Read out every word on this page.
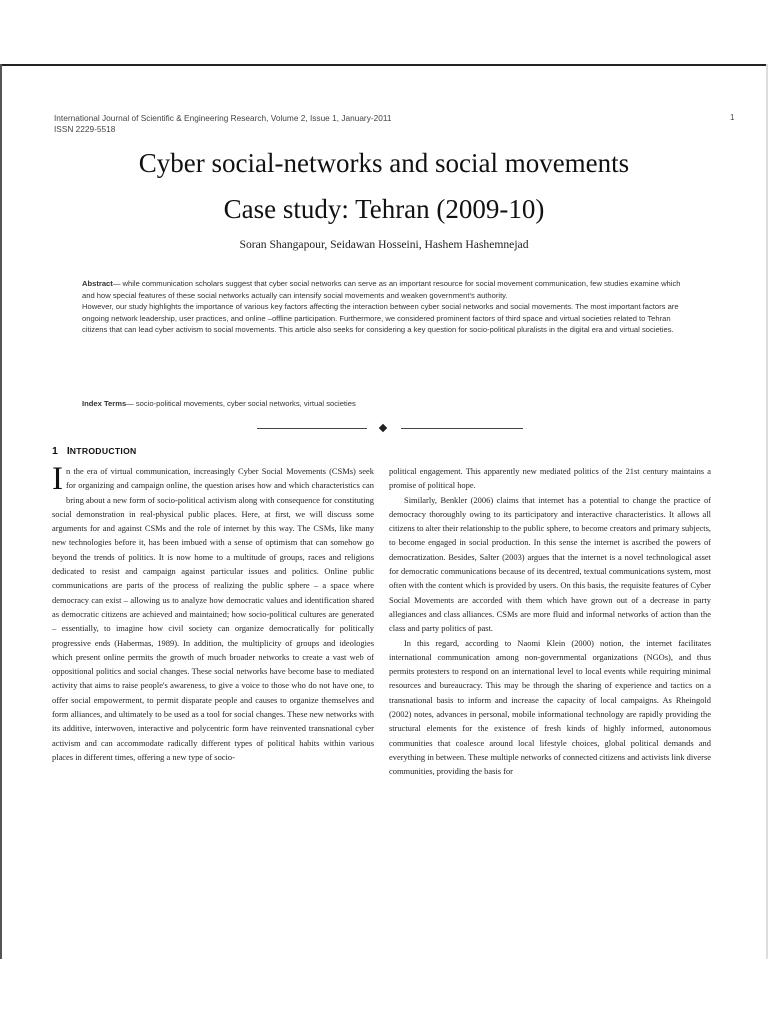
International Journal of Scientific & Engineering Research, Volume 2, Issue 1, January-2011
ISSN 2229-5518
1
Cyber social-networks and social movements
Case study: Tehran (2009-10)
Soran Shangapour, Seidawan Hosseini, Hashem Hashemnejad

Abstract— while communication scholars suggest that cyber social networks can serve as an important resource for social movement communication, few studies examine which and how special features of these social networks actually can intensify social movements and weaken government's authority.

However, our study highlights the importance of various key factors affecting the interaction between cyber social networks and social movements. The most important factors are ongoing network leadership, user practices, and online –offline participation. Furthermore, we considered prominent factors of third space and virtual societies related to Tehran citizens that can lead cyber activism to social movements. This article also seeks for considering a key question for socio-political pluralists in the digital era and virtual societies.

Index Terms— socio-political movements, cyber social networks, virtual societies
1 INTRODUCTION

In the era of virtual communication, increasingly Cyber Social Movements (CSMs) seek for organizing and campaign online, the question arises how and which characteristics can bring about a new form of socio-political activism along with consequence for constituting social demonstration in real-physical public places. Here, at first, we will discuss some arguments for and against CSMs and the role of internet by this way. The CSMs, like many new technologies before it, has been imbued with a sense of optimism that can somehow go beyond the trends of politics. It is now home to a multitude of groups, races and religions dedicated to resist and campaign against particular issues and politics. Online public communications are parts of the process of realizing the public sphere – a space where democracy can exist – allowing us to analyze how democratic values and identification shared as democratic citizens are achieved and maintained; how socio-political cultures are generated – essentially, to imagine how civil society can organize democratically for politically progressive ends (Habermas, 1989). In addition, the multiplicity of groups and ideologies which present online permits the growth of much broader networks to create a vast web of oppositional politics and social changes. These social networks have become base to mediated activity that aims to raise people's awareness, to give a voice to those who do not have one, to offer social empowerment, to permit disparate people and causes to organize themselves and form alliances, and ultimately to be used as a tool for social changes. These new networks with its additive, interwoven, interactive and polycentric form have reinvented transnational cyber activism and can accommodate radically different types of political habits within various places in different times, offering a new type of socio-

political engagement. This apparently new mediated politics of the 21st century maintains a promise of political hope.

Similarly, Benkler (2006) claims that internet has a potential to change the practice of democracy thoroughly owing to its participatory and interactive characteristics. It allows all citizens to alter their relationship to the public sphere, to become creators and primary subjects, to become engaged in social production. In this sense the internet is ascribed the powers of democratization. Besides, Salter (2003) argues that the internet is a novel technological asset for democratic communications because of its decentred, textual communications system, most often with the content which is provided by users. On this basis, the requisite features of Cyber Social Movements are accorded with them which have grown out of a decrease in party allegiances and class alliances. CSMs are more fluid and informal networks of action than the class and party politics of past.

In this regard, according to Naomi Klein (2000) notion, the internet facilitates international communication among non-governmental organizations (NGOs), and thus permits protesters to respond on an international level to local events while requiring minimal resources and bureaucracy. This may be through the sharing of experience and tactics on a transnational basis to inform and increase the capacity of local campaigns. As Rheingold (2002) notes, advances in personal, mobile informational technology are rapidly providing the structural elements for the existence of fresh kinds of highly informed, autonomous communities that coalesce around local lifestyle choices, global political demands and everything in between. These multiple networks of connected citizens and activists link diverse communities, providing the basis for
